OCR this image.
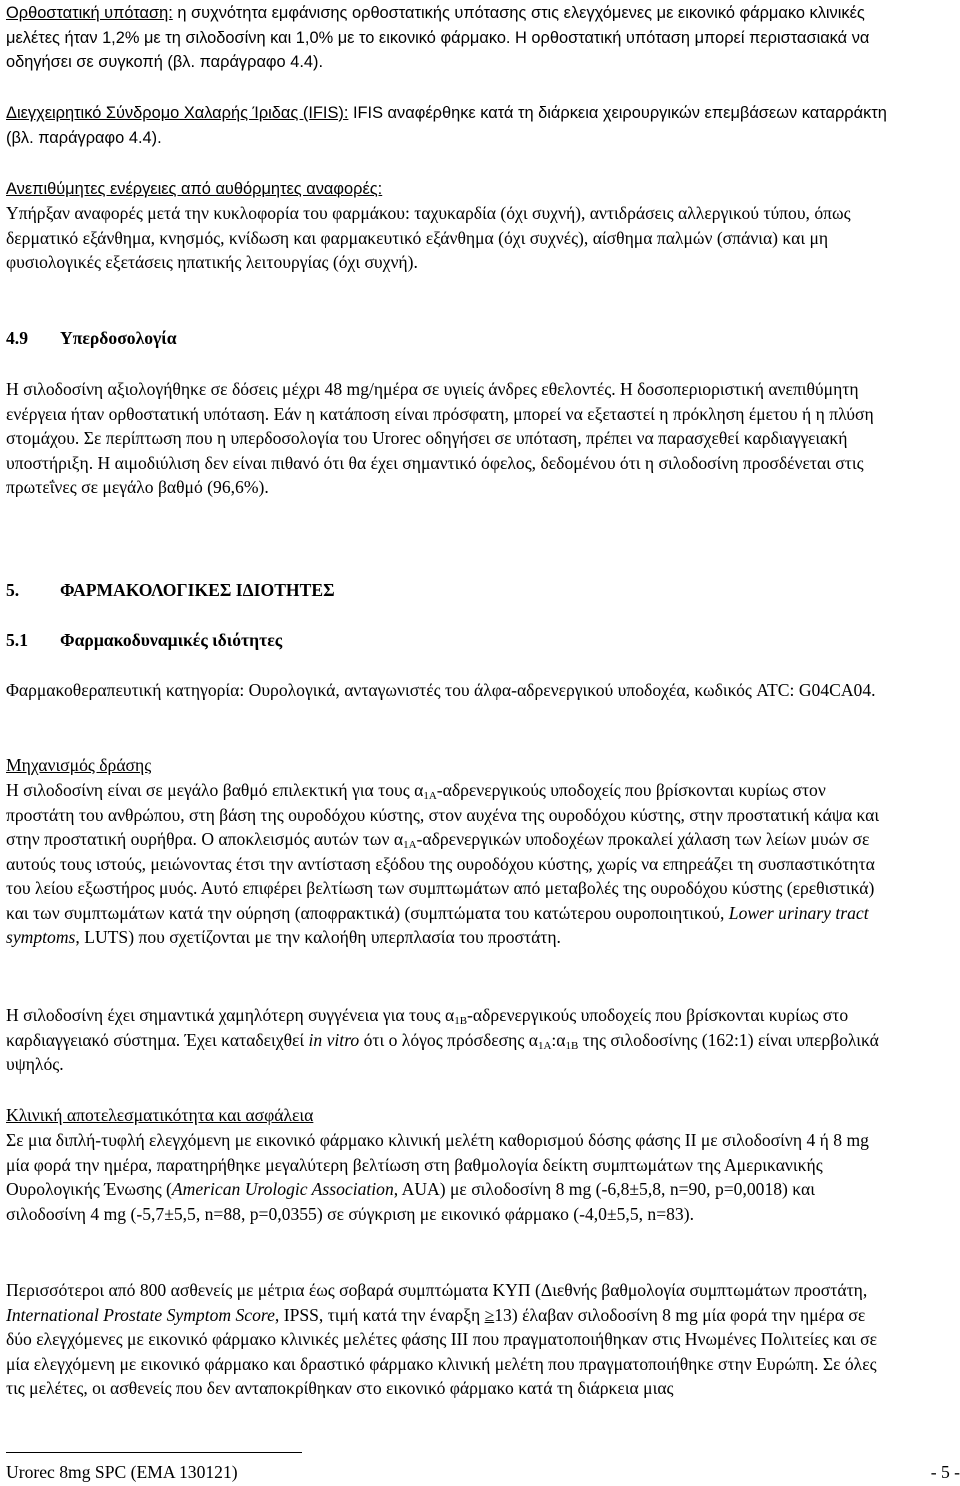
Ορθοστατική υπόταση: η συχνότητα εμφάνισης ορθοστατικής υπότασης στις ελεγχόμενες με εικονικό φάρμακο κλινικές μελέτες ήταν 1,2% με τη σιλοδοσίνη και 1,0% με το εικονικό φάρμακο. Η ορθοστατική υπόταση μπορεί περιστασιακά να οδηγήσει σε συγκοπή (βλ. παράγραφο 4.4).

Διεγχειρητικό Σύνδρομο Χαλαρής Ίριδας (IFIS): IFIS αναφέρθηκε κατά τη διάρκεια χειρουργικών επεμβάσεων καταρράκτη (βλ. παράγραφο 4.4).

Ανεπιθύμητες ενέργειες από αυθόρμητες αναφορές:

Υπήρξαν αναφορές μετά την κυκλοφορία του φαρμάκου: ταχυκαρδία (όχι συχνή), αντιδράσεις αλλεργικού τύπου, όπως δερματικό εξάνθημα, κνησμός, κνίδωση και φαρμακευτικό εξάνθημα (όχι συχνές), αίσθημα παλμών (σπάνια) και μη φυσιολογικές εξετάσεις ηπατικής λειτουργίας (όχι συχνή).

4.9 Υπερδοσολογία

Η σιλοδοσίνη αξιολογήθηκε σε δόσεις μέχρι 48 mg/ημέρα σε υγιείς άνδρες εθελοντές. Η δοσοπεριοριστική ανεπιθύμητη ενέργεια ήταν ορθοστατική υπόταση. Εάν η κατάποση είναι πρόσφατη, μπορεί να εξεταστεί η πρόκληση έμετου ή η πλύση στομάχου. Σε περίπτωση που η υπερδοσολογία του Urorec οδηγήσει σε υπόταση, πρέπει να παρασχεθεί καρδιαγγειακή υποστήριξη. Η αιμοδιύλιση δεν είναι πιθανό ότι θα έχει σημαντικό όφελος, δεδομένου ότι η σιλοδοσίνη προσδένεται στις πρωτεΐνες σε μεγάλο βαθμό (96,6%).

5. ΦΑΡΜΑΚΟΛΟΓΙΚΕΣ ΙΔΙΟΤΗΤΕΣ

5.1 Φαρμακοδυναμικές ιδιότητες

Φαρμακοθεραπευτική κατηγορία: Ουρολογικά, ανταγωνιστές του άλφα-αδρενεργικού υποδοχέα, κωδικός ATC: G04CA04.

Μηχανισμός δράσης

Η σιλοδοσίνη είναι σε μεγάλο βαθμό επιλεκτική για τους $\alpha_{1A}$-αδρενεργικούς υποδοχείς που βρίσκονται κυρίως στον προστάτη του ανθρώπου, στη βάση της ουροδόχου κύστης, στον αυχένα της ουροδόχου κύστης, στην προστατική κάψα και στην προστατική ουρήθρα. Ο αποκλεισμός αυτών των $\alpha_{1A}$-αδρενεργικών υποδοχέων προκαλεί χάλαση των λείων μυών σε αυτούς τους ιστούς, μειώνοντας έτσι την αντίσταση εξόδου της ουροδόχου κύστης, χωρίς να επηρεάζει τη συσπαστικότητα του λείου εξωστήρος μυός. Αυτό επιφέρει βελτίωση των συμπτωμάτων από μεταβολές της ουροδόχου κύστης (ερεθιστικά) και των συμπτωμάτων κατά την ούρηση (αποφρακτικά) (συμπτώματα του κατώτερου ουροποιητικού, Lower urinary tract symptoms, LUTS) που σχετίζονται με την καλοήθη υπερπλασία του προστάτη.

Η σιλοδοσίνη έχει σημαντικά χαμηλότερη συγγένεια για τους $\alpha_{1B}$-αδρενεργικούς υποδοχείς που βρίσκονται κυρίως στο καρδιαγγειακό σύστημα. Έχει καταδειχθεί in vitro ότι ο λόγος πρόσδεσης $\alpha_{1A}:\alpha_{1B}$ της σιλοδοσίνης (162:1) είναι υπερβολικά υψηλός.

Κλινική αποτελεσματικότητα και ασφάλεια

Σε μια διπλή-τυφλή ελεγχόμενη με εικονικό φάρμακο κλινική μελέτη καθορισμού δόσης φάσης II με σιλοδοσίνη 4 ή 8 mg μία φορά την ημέρα, παρατηρήθηκε μεγαλύτερη βελτίωση στη βαθμολογία δείκτη συμπτωμάτων της Αμερικανικής Ουρολογικής Ένωσης (American Urologic Association, AUA) με σιλοδοσίνη 8 mg (-6,8±5,8, n=90, p=0,0018) και σιλοδοσίνη 4 mg (-5,7±5,5, n=88, p=0,0355) σε σύγκριση με εικονικό φάρμακο (-4,0±5,5, n=83).

Περισσότεροι από 800 ασθενείς με μέτρια έως σοβαρά συμπτώματα ΚΥΠ (Διεθνής βαθμολογία συμπτωμάτων προστάτη, International Prostate Symptom Score, IPSS, τιμή κατά την έναρξη ≥13) έλαβαν σιλοδοσίνη 8 mg μία φορά την ημέρα σε δύο ελεγχόμενες με εικονικό φάρμακο κλινικές μελέτες φάσης III που πραγματοποιήθηκαν στις Ηνωμένες Πολιτείες και σε μία ελεγχόμενη με εικονικό φάρμακο και δραστικό φάρμακο κλινική μελέτη που πραγματοποιήθηκε στην Ευρώπη. Σε όλες τις μελέτες, οι ασθενείς που δεν ανταποκρίθηκαν στο εικονικό φάρμακο κατά τη διάρκεια μιας

Urorec 8mg SPC (EMA 130121)	- 5 -
